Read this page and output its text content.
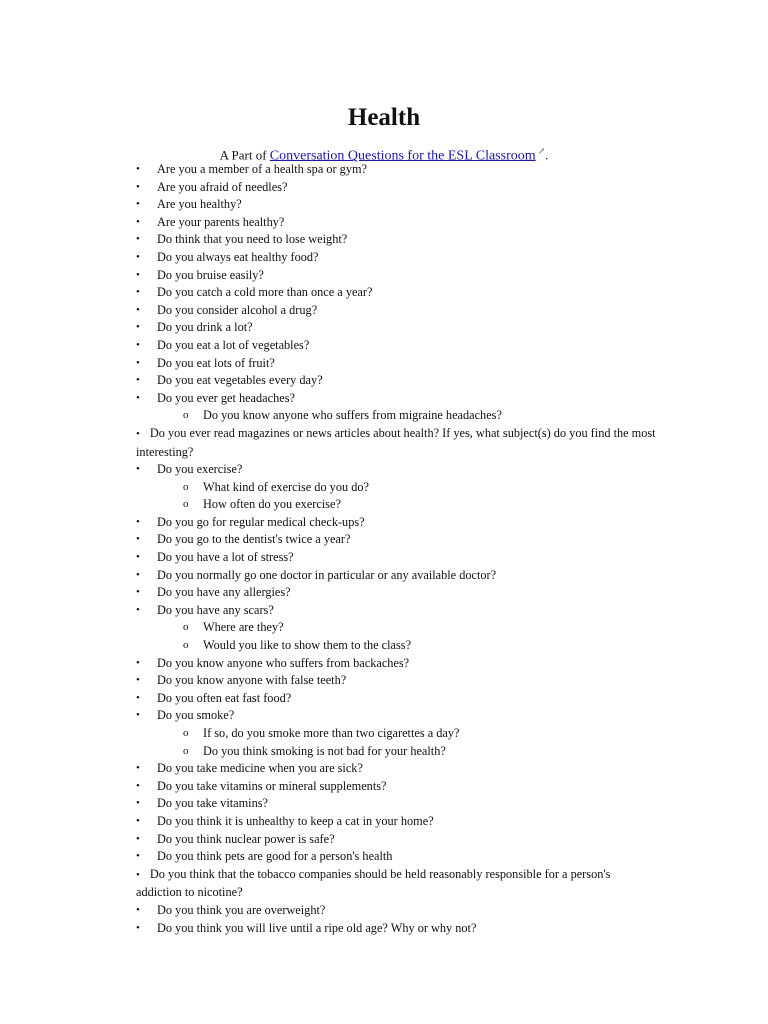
Health
A Part of Conversation Questions for the ESL Classroom ↗.
• Are you a member of a health spa or gym?
• Are you afraid of needles?
• Are you healthy?
• Are your parents healthy?
• Do think that you need to lose weight?
• Do you always eat healthy food?
• Do you bruise easily?
• Do you catch a cold more than once a year?
• Do you consider alcohol a drug?
• Do you drink a lot?
• Do you eat a lot of vegetables?
• Do you eat lots of fruit?
• Do you eat vegetables every day?
• Do you ever get headaches?
o Do you know anyone who suffers from migraine headaches?
• Do you ever read magazines or news articles about health? If yes, what subject(s) do you find the most interesting?
• Do you exercise?
o What kind of exercise do you do?
o How often do you exercise?
• Do you go for regular medical check-ups?
• Do you go to the dentist's twice a year?
• Do you have a lot of stress?
• Do you normally go one doctor in particular or any available doctor?
• Do you have any allergies?
• Do you have any scars?
o Where are they?
o Would you like to show them to the class?
• Do you know anyone who suffers from backaches?
• Do you know anyone with false teeth?
• Do you often eat fast food?
• Do you smoke?
o If so, do you smoke more than two cigarettes a day?
o Do you think smoking is not bad for your health?
• Do you take medicine when you are sick?
• Do you take vitamins or mineral supplements?
• Do you take vitamins?
• Do you think it is unhealthy to keep a cat in your home?
• Do you think nuclear power is safe?
• Do you think pets are good for a person's health
• Do you think that the tobacco companies should be held reasonably responsible for a person's addiction to nicotine?
• Do you think you are overweight?
• Do you think you will live until a ripe old age? Why or why not?
